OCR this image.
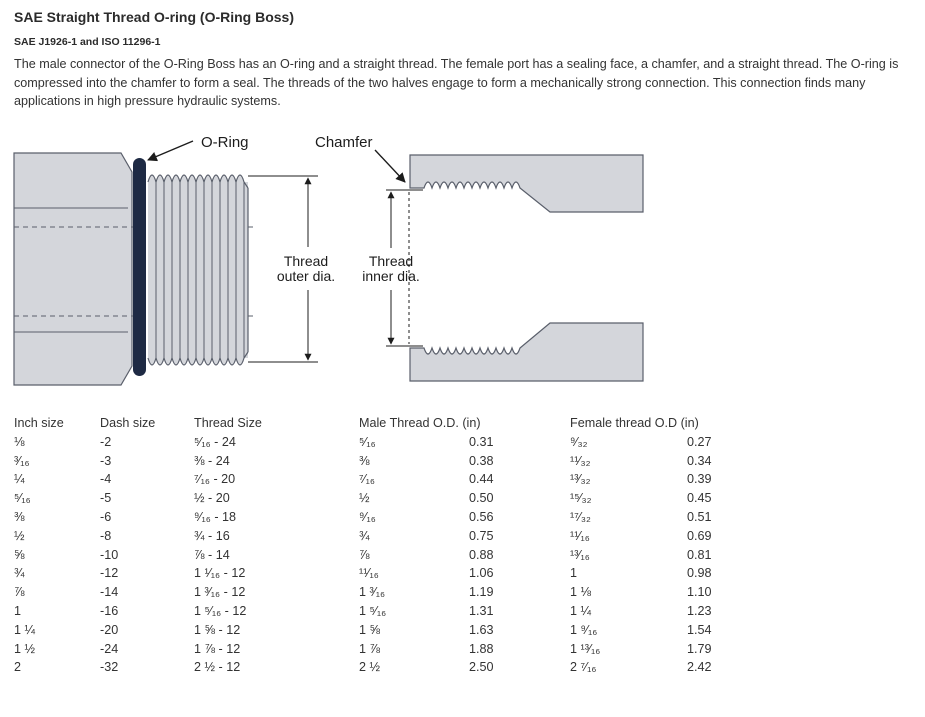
SAE Straight Thread O-ring (O-Ring Boss)
SAE J1926-1 and ISO 11296-1
The male connector of the O-Ring Boss has an O-ring and a straight thread. The female port has a sealing face, a chamfer, and a straight thread. The O-ring is compressed into the chamfer to form a seal. The threads of the two halves engage to form a mechanically strong connection. This connection finds many applications in high pressure hydraulic systems.
O-Ring
Thread
outer dia.
Chamfer
Thread
inner dia.
Inch size	Dash size	Thread Size	Male Thread O.D. (in)	Female thread O.D (in)
⅛	-2	⁵⁄₁₆ - 24	⁵⁄₁₆	0.31	⁹⁄₃₂	0.27
³⁄₁₆	-3	⅜ - 24	⅜	0.38	¹¹⁄₃₂	0.34
¼	-4	⁷⁄₁₆ - 20	⁷⁄₁₆	0.44	¹³⁄₃₂	0.39
⁵⁄₁₆	-5	½ - 20	½	0.50	¹⁵⁄₃₂	0.45
⅜	-6	⁹⁄₁₆ - 18	⁹⁄₁₆	0.56	¹⁷⁄₃₂	0.51
½	-8	¾ - 16	¾	0.75	¹¹⁄₁₆	0.69
⅝	-10	⅞ - 14	⅞	0.88	¹³⁄₁₆	0.81
¾	-12	1 ¹⁄₁₆ - 12	¹¹⁄₁₆	1.06	1	0.98
⅞	-14	1 ³⁄₁₆ - 12	1 ³⁄₁₆	1.19	1 ⅛	1.10
1	-16	1 ⁵⁄₁₆ - 12	1 ⁵⁄₁₆	1.31	1 ¼	1.23
1 ¼	-20	1 ⅝ - 12	1 ⅝	1.63	1 ⁹⁄₁₆	1.54
1 ½	-24	1 ⅞ - 12	1 ⅞	1.88	1 ¹³⁄₁₆	1.79
2	-32	2 ½ - 12	2 ½	2.50	2 ⁷⁄₁₆	2.42
